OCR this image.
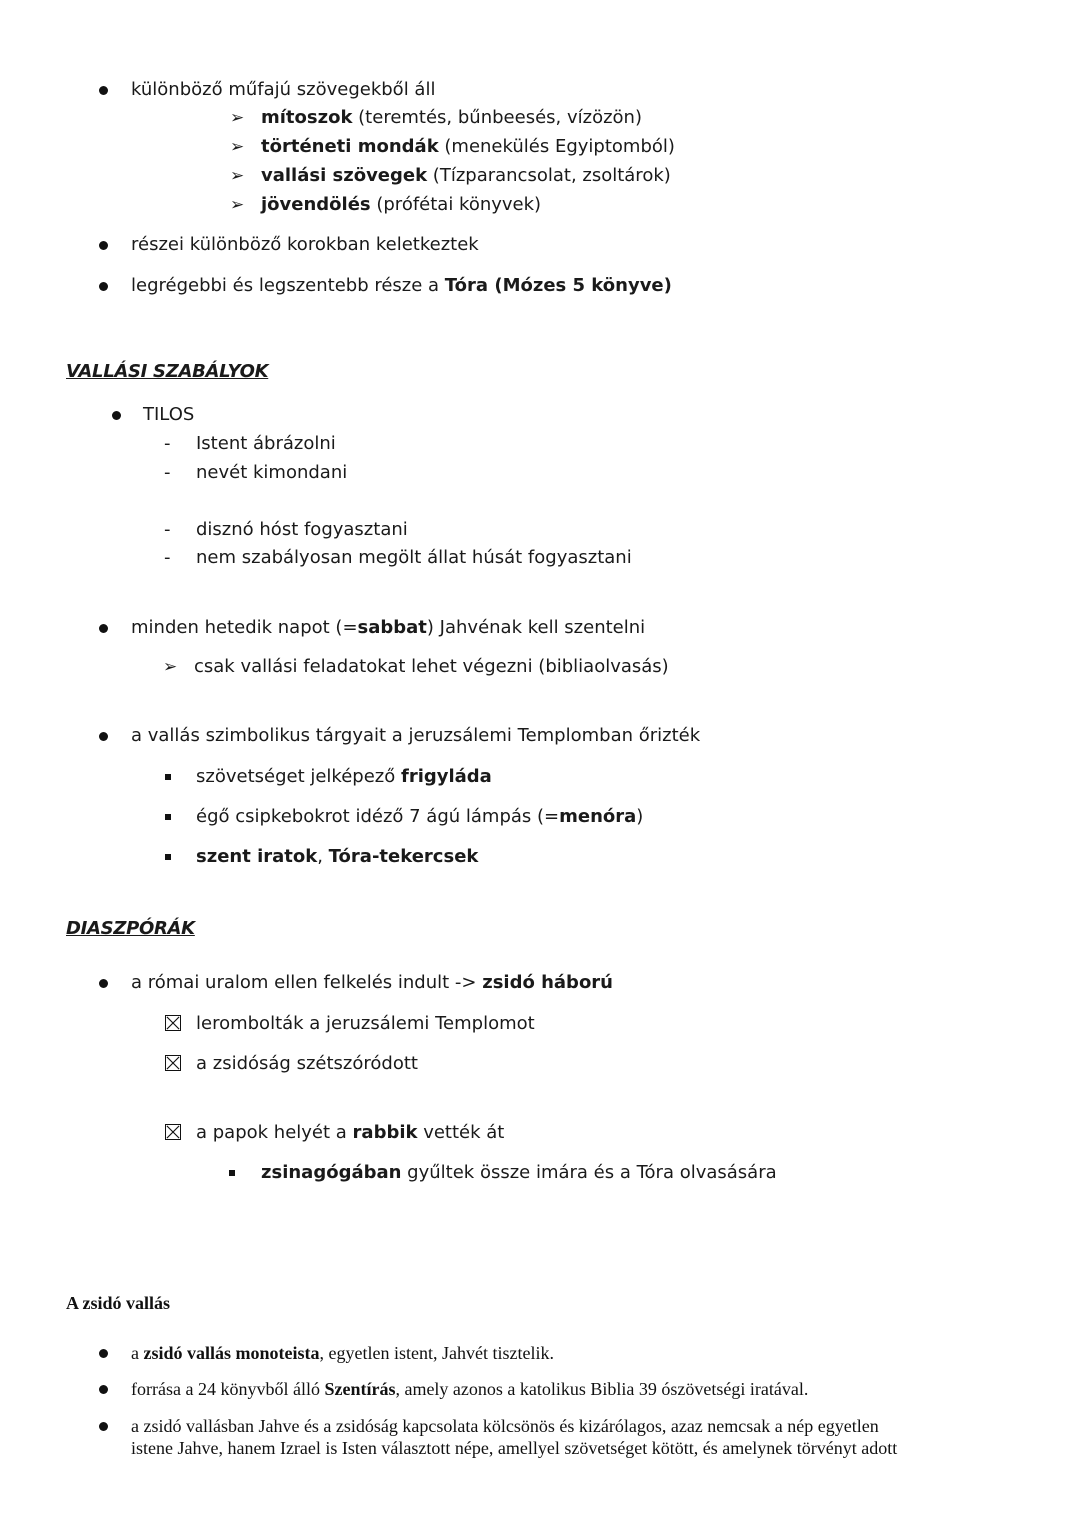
különböző műfajú szövegekből áll
➢ mítoszok (teremtés, bűnbeesés, vízözön)
➢ történeti mondák (menekülés Egyiptomból)
➢ vallási szövegek (Tízparancsolat, zsoltárok)
➢ jövendölés (prófétai könyvek)
részei különböző korokban keletkeztek
legrégebbi és legszentebb része a Tóra (Mózes 5 könyve)
VALLÁSI SZABÁLYOK
TILOS
- Istent ábrázolni
- nevét kimondani
- disznó hóst fogyasztani
- nem szabályosan megölt állat húsát fogyasztani
minden hetedik napot (=sabbat) Jahvénak kell szentelni
➢ csak vallási feladatokat lehet végezni (bibliaolvasás)
a vallás szimbolikus tárgyait a jeruzsálemi Templomban őrizték
szövetséget jelképező frigyláda
égő csipkebokrot idéző 7 ágú lámpás (=menóra)
szent iratok, Tóra-tekercsek
DIASZPÓRÁK
a római uralom ellen felkelés indult -> zsidó háború
lerombolták a jeruzsálemi Templomot
a zsidóság szétszóródott
a papok helyét a rabbik vették át
zsinagógában gyűltek össze imára és a Tóra olvasására
A zsidó vallás
a zsidó vallás monoteista, egyetlen istent, Jahvét tisztelik.
forrása a 24 könyvből álló Szentírás, amely azonos a katolikus Biblia 39 ószövetségi iratával.
a zsidó vallásban Jahve és a zsidóság kapcsolata kölcsönös és kizárólagos, azaz nemcsak a nép egyetlen
istene Jahve, hanem Izrael is Isten választott népe, amellyel szövetséget kötött, és amelynek törvényt adott
